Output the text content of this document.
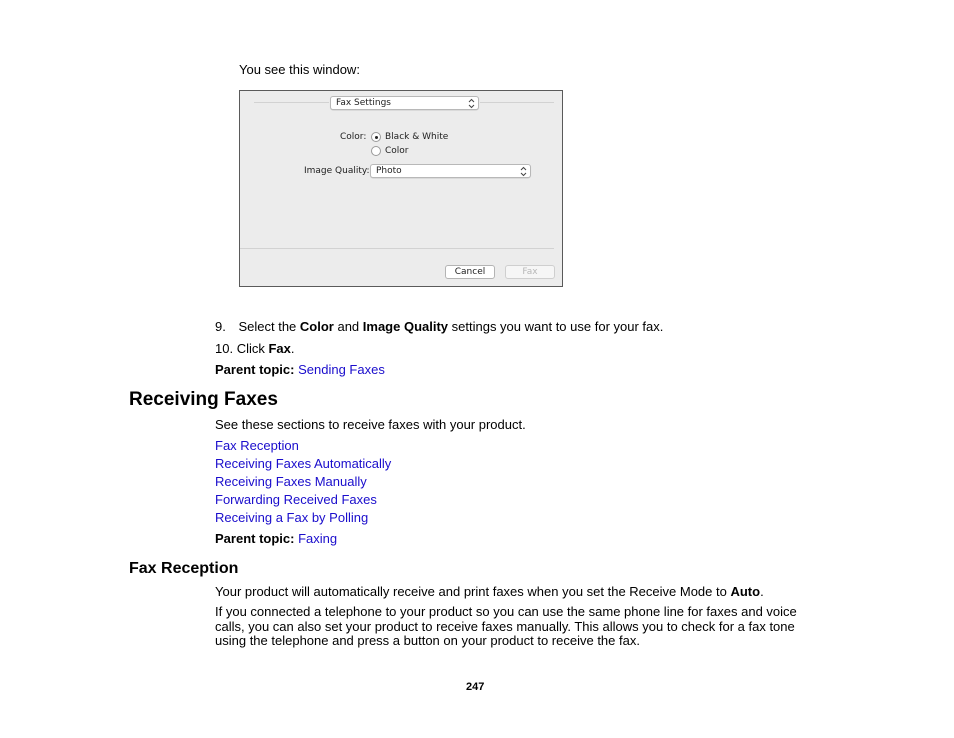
You see this window:
Fax Settings
Color: Black & White
Color
Image Quality: Photo
Cancel	Fax
9. Select the Color and Image Quality settings you want to use for your fax.
10. Click Fax.
Parent topic: Sending Faxes
Receiving Faxes
See these sections to receive faxes with your product.
Fax Reception
Receiving Faxes Automatically
Receiving Faxes Manually
Forwarding Received Faxes
Receiving a Fax by Polling
Parent topic: Faxing
Fax Reception
Your product will automatically receive and print faxes when you set the Receive Mode to Auto.
If you connected a telephone to your product so you can use the same phone line for faxes and voice calls, you can also set your product to receive faxes manually. This allows you to check for a fax tone using the telephone and press a button on your product to receive the fax.
247
